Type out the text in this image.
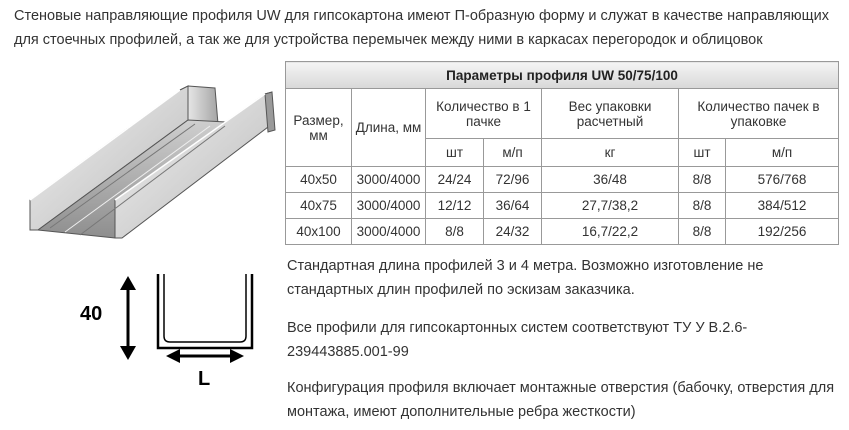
Стеновые направляющие профиля UW для гипсокартона имеют П-образную форму и служат в качестве направляющих для стоечных профилей, а так же для устройства перемычек между ними в каркасах перегородок и облицовок
40
L
Параметры профиля UW 50/75/100						
Размер, мм	Длина, мм	Количество в 1 пачке		Вес упаковки расчетный	Количество пачек в упаковке	
		шт	м/п	кг	шт	м/п
40х50	3000/4000	24/24	72/96	36/48	8/8	576/768
40х75	3000/4000	12/12	36/64	27,7/38,2	8/8	384/512
40х100	3000/4000	8/8	24/32	16,7/22,2	8/8	192/256
Стандартная длина профилей 3 и 4 метра. Возможно изготовление не стандартных длин профилей по эскизам заказчика.
Все профили для гипсокартонных систем соответствуют ТУ У В.2.6-239443885.001-99
Конфигурация профиля включает монтажные отверстия (бабочку, отверстия для монтажа, имеют дополнительные ребра жесткости)
